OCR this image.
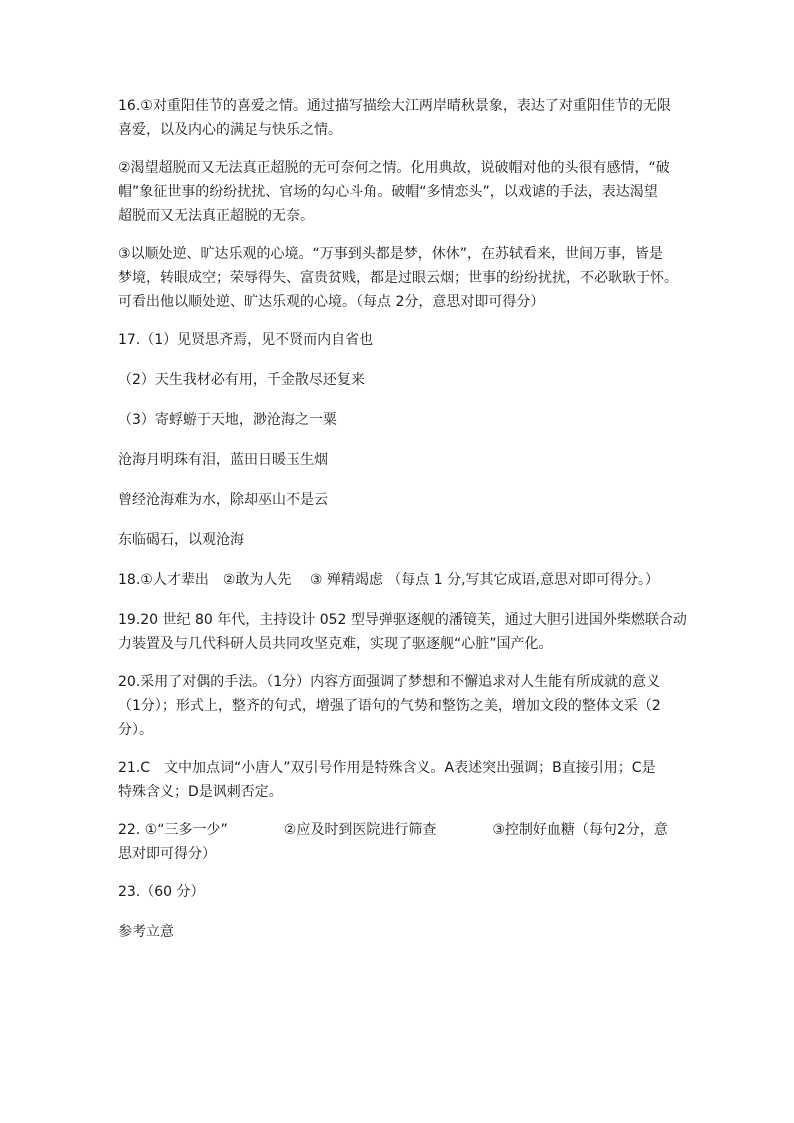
16.①对重阳佳节的喜爱之情。通过描写描绘大江两岸晴秋景象，表达了对重阳佳节的无限
喜爱，以及内心的满足与快乐之情。

②渴望超脱而又无法真正超脱的无可奈何之情。化用典故，说破帽对他的头很有感情，“破
帽”象征世事的纷纷扰扰、官场的勾心斗角。破帽“多情恋头”，以戏谑的手法，表达渴望
超脱而又无法真正超脱的无奈。

③以顺处逆、旷达乐观的心境。“万事到头都是梦，休休”，在苏轼看来，世间万事，皆是
梦境，转眼成空；荣辱得失、富贵贫贱，都是过眼云烟；世事的纷纷扰扰，不必耿耿于怀。
可看出他以顺处逆、旷达乐观的心境。（每点 2分，意思对即可得分）

17.（1）见贤思齐焉，见不贤而内自省也

（2）天生我材必有用，千金散尽还复来

（3）寄蜉蝣于天地，渺沧海之一粟

沧海月明珠有泪，蓝田日暖玉生烟

曾经沧海难为水，除却巫山不是云

东临碣石，以观沧海

18.①人才辈出　②敢为人先　 ③ 殚精竭虑 （每点 1 分,写其它成语,意思对即可得分。）

19.20 世纪 80 年代，主持设计 052 型导弹驱逐舰的潘镜芙，通过大胆引进国外柴燃联合动
力装置及与几代科研人员共同攻坚克难，实现了驱逐舰“心脏”国产化。

20.采用了对偶的手法。（1分）内容方面强调了梦想和不懈追求对人生能有所成就的意义
（1分）；形式上，整齐的句式，增强了语句的气势和整饬之美，增加文段的整体文采（2
分）。

21.C　文中加点词“小唐人”双引号作用是特殊含义。A表述突出强调；B直接引用；C是
特殊含义；D是讽刺否定。

22. ①“三多一少”　　　　②应及时到医院进行筛查　　　　③控制好血糖（每句2分，意
思对即可得分）

23.（60 分）

参考立意
